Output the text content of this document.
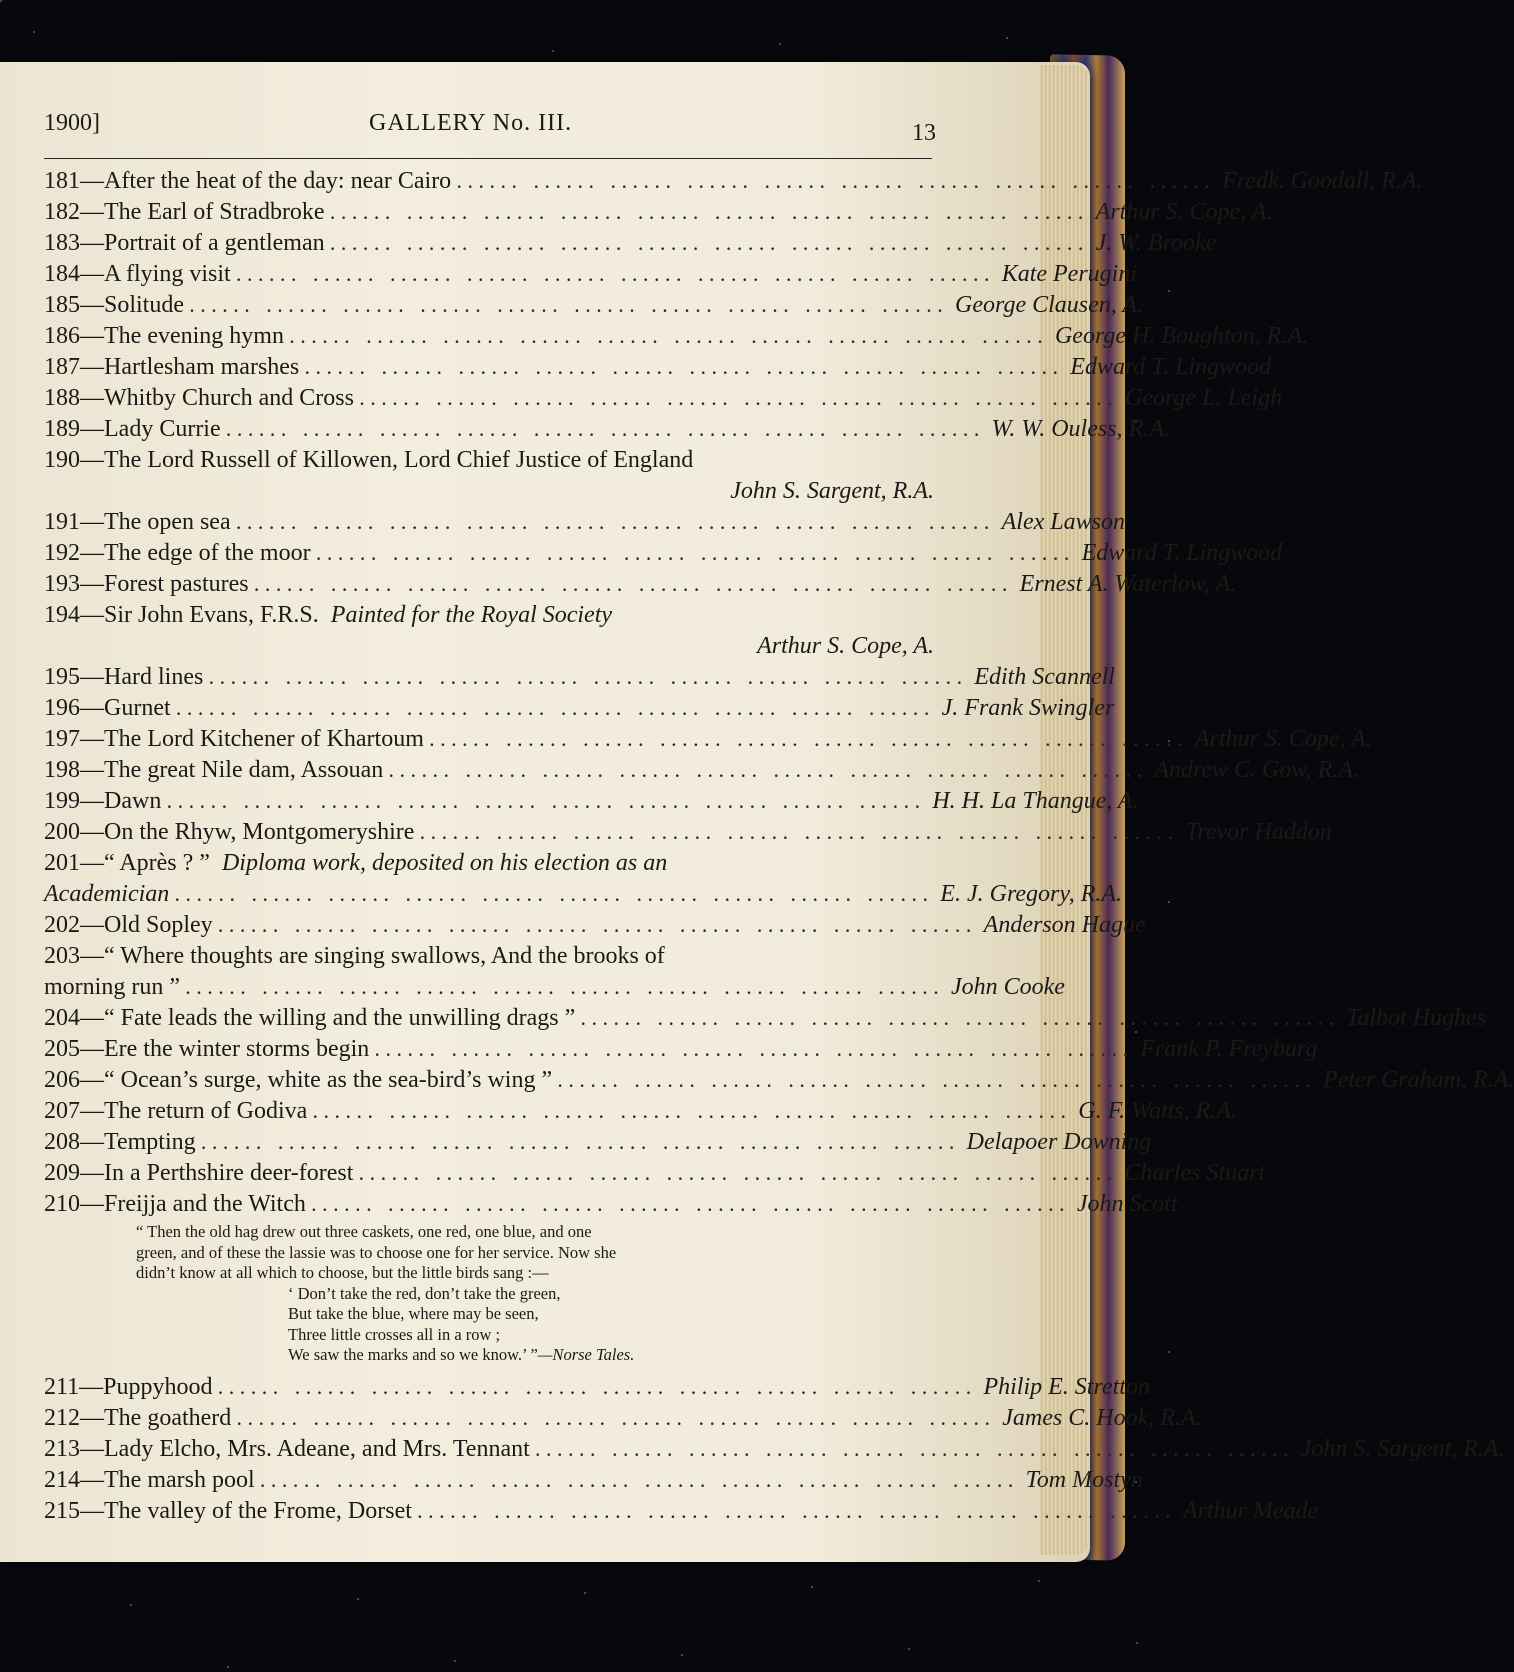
1900]	GALLERY No. III.	13
181—After the heat of the day: near Cairo ...... ...... ...... ...... ...... ...... ...... ...... ...... ...... Fredk. Goodall, R.A.
182—The Earl of Stradbroke ...... ...... ...... ...... ...... ...... ...... ...... ...... ...... Arthur S. Cope, A.
183—Portrait of a gentleman ...... ...... ...... ...... ...... ...... ...... ...... ...... ...... J. W. Brooke
184—A flying visit ...... ...... ...... ...... ...... ...... ...... ...... ...... ...... Kate Perugini
185—Solitude ...... ...... ...... ...... ...... ...... ...... ...... ...... ...... George Clausen, A.
186—The evening hymn ...... ...... ...... ...... ...... ...... ...... ...... ...... ...... George H. Boughton, R.A.
187—Hartlesham marshes ...... ...... ...... ...... ...... ...... ...... ...... ...... ...... Edward T. Lingwood
188—Whitby Church and Cross ...... ...... ...... ...... ...... ...... ...... ...... ...... ...... George L. Leigh
189—Lady Currie ...... ...... ...... ...... ...... ...... ...... ...... ...... ...... W. W. Ouless, R.A.
190—The Lord Russell of Killowen, Lord Chief Justice of England
John S. Sargent, R.A.
191—The open sea ...... ...... ...... ...... ...... ...... ...... ...... ...... ...... Alex Lawson
192—The edge of the moor ...... ...... ...... ...... ...... ...... ...... ...... ...... ...... Edward T. Lingwood
193—Forest pastures ...... ...... ...... ...... ...... ...... ...... ...... ...... ...... Ernest A. Waterlow, A.
194—Sir John Evans, F.R.S. Painted for the Royal Society
Arthur S. Cope, A.
195—Hard lines ...... ...... ...... ...... ...... ...... ...... ...... ...... ...... Edith Scannell
196—Gurnet ...... ...... ...... ...... ...... ...... ...... ...... ...... ...... J. Frank Swingler
197—The Lord Kitchener of Khartoum ...... ...... ...... ...... ...... ...... ...... ...... ...... ...... Arthur S. Cope, A.
198—The great Nile dam, Assouan ...... ...... ...... ...... ...... ...... ...... ...... ...... ...... Andrew C. Gow, R.A.
199—Dawn ...... ...... ...... ...... ...... ...... ...... ...... ...... ...... H. H. La Thangue, A.
200—On the Rhyw, Montgomeryshire ...... ...... ...... ...... ...... ...... ...... ...... ...... ...... Trevor Haddon
201—“ Après ? ” Diploma work, deposited on his election as an
Academician ...... ...... ...... ...... ...... ...... ...... ...... ...... ...... E. J. Gregory, R.A.
202—Old Sopley ...... ...... ...... ...... ...... ...... ...... ...... ...... ...... Anderson Hague
203—“ Where thoughts are singing swallows, And the brooks of
morning run ” ...... ...... ...... ...... ...... ...... ...... ...... ...... ...... John Cooke
204—“ Fate leads the willing and the unwilling drags ” ...... ...... ...... ...... ...... ...... ...... ...... ...... ...... Talbot Hughes
205—Ere the winter storms begin ...... ...... ...... ...... ...... ...... ...... ...... ...... ...... Frank P. Freyburg
206—“ Ocean’s surge, white as the sea-bird’s wing ” ...... ...... ...... ...... ...... ...... ...... ...... ...... ...... Peter Graham, R.A.
207—The return of Godiva ...... ...... ...... ...... ...... ...... ...... ...... ...... ...... G. F. Watts, R.A.
208—Tempting ...... ...... ...... ...... ...... ...... ...... ...... ...... ...... Delapoer Downing
209—In a Perthshire deer-forest ...... ...... ...... ...... ...... ...... ...... ...... ...... ...... Charles Stuart
210—Freijja and the Witch ...... ...... ...... ...... ...... ...... ...... ...... ...... ...... John Scott
“ Then the old hag drew out three caskets, one red, one blue, and one
green, and of these the lassie was to choose one for her service. Now she
didn’t know at all which to choose, but the little birds sang :—
‘ Don’t take the red, don’t take the green,
But take the blue, where may be seen,
Three little crosses all in a row ;
We saw the marks and so we know.’ ”—Norse Tales.
211—Puppyhood ...... ...... ...... ...... ...... ...... ...... ...... ...... ...... Philip E. Stretton
212—The goatherd ...... ...... ...... ...... ...... ...... ...... ...... ...... ...... James C. Hook, R.A.
213—Lady Elcho, Mrs. Adeane, and Mrs. Tennant ...... ...... ...... ...... ...... ...... ...... ...... ...... ...... John S. Sargent, R.A.
214—The marsh pool ...... ...... ...... ...... ...... ...... ...... ...... ...... ...... Tom Mostyn
215—The valley of the Frome, Dorset ...... ...... ...... ...... ...... ...... ...... ...... ...... ...... Arthur Meade
